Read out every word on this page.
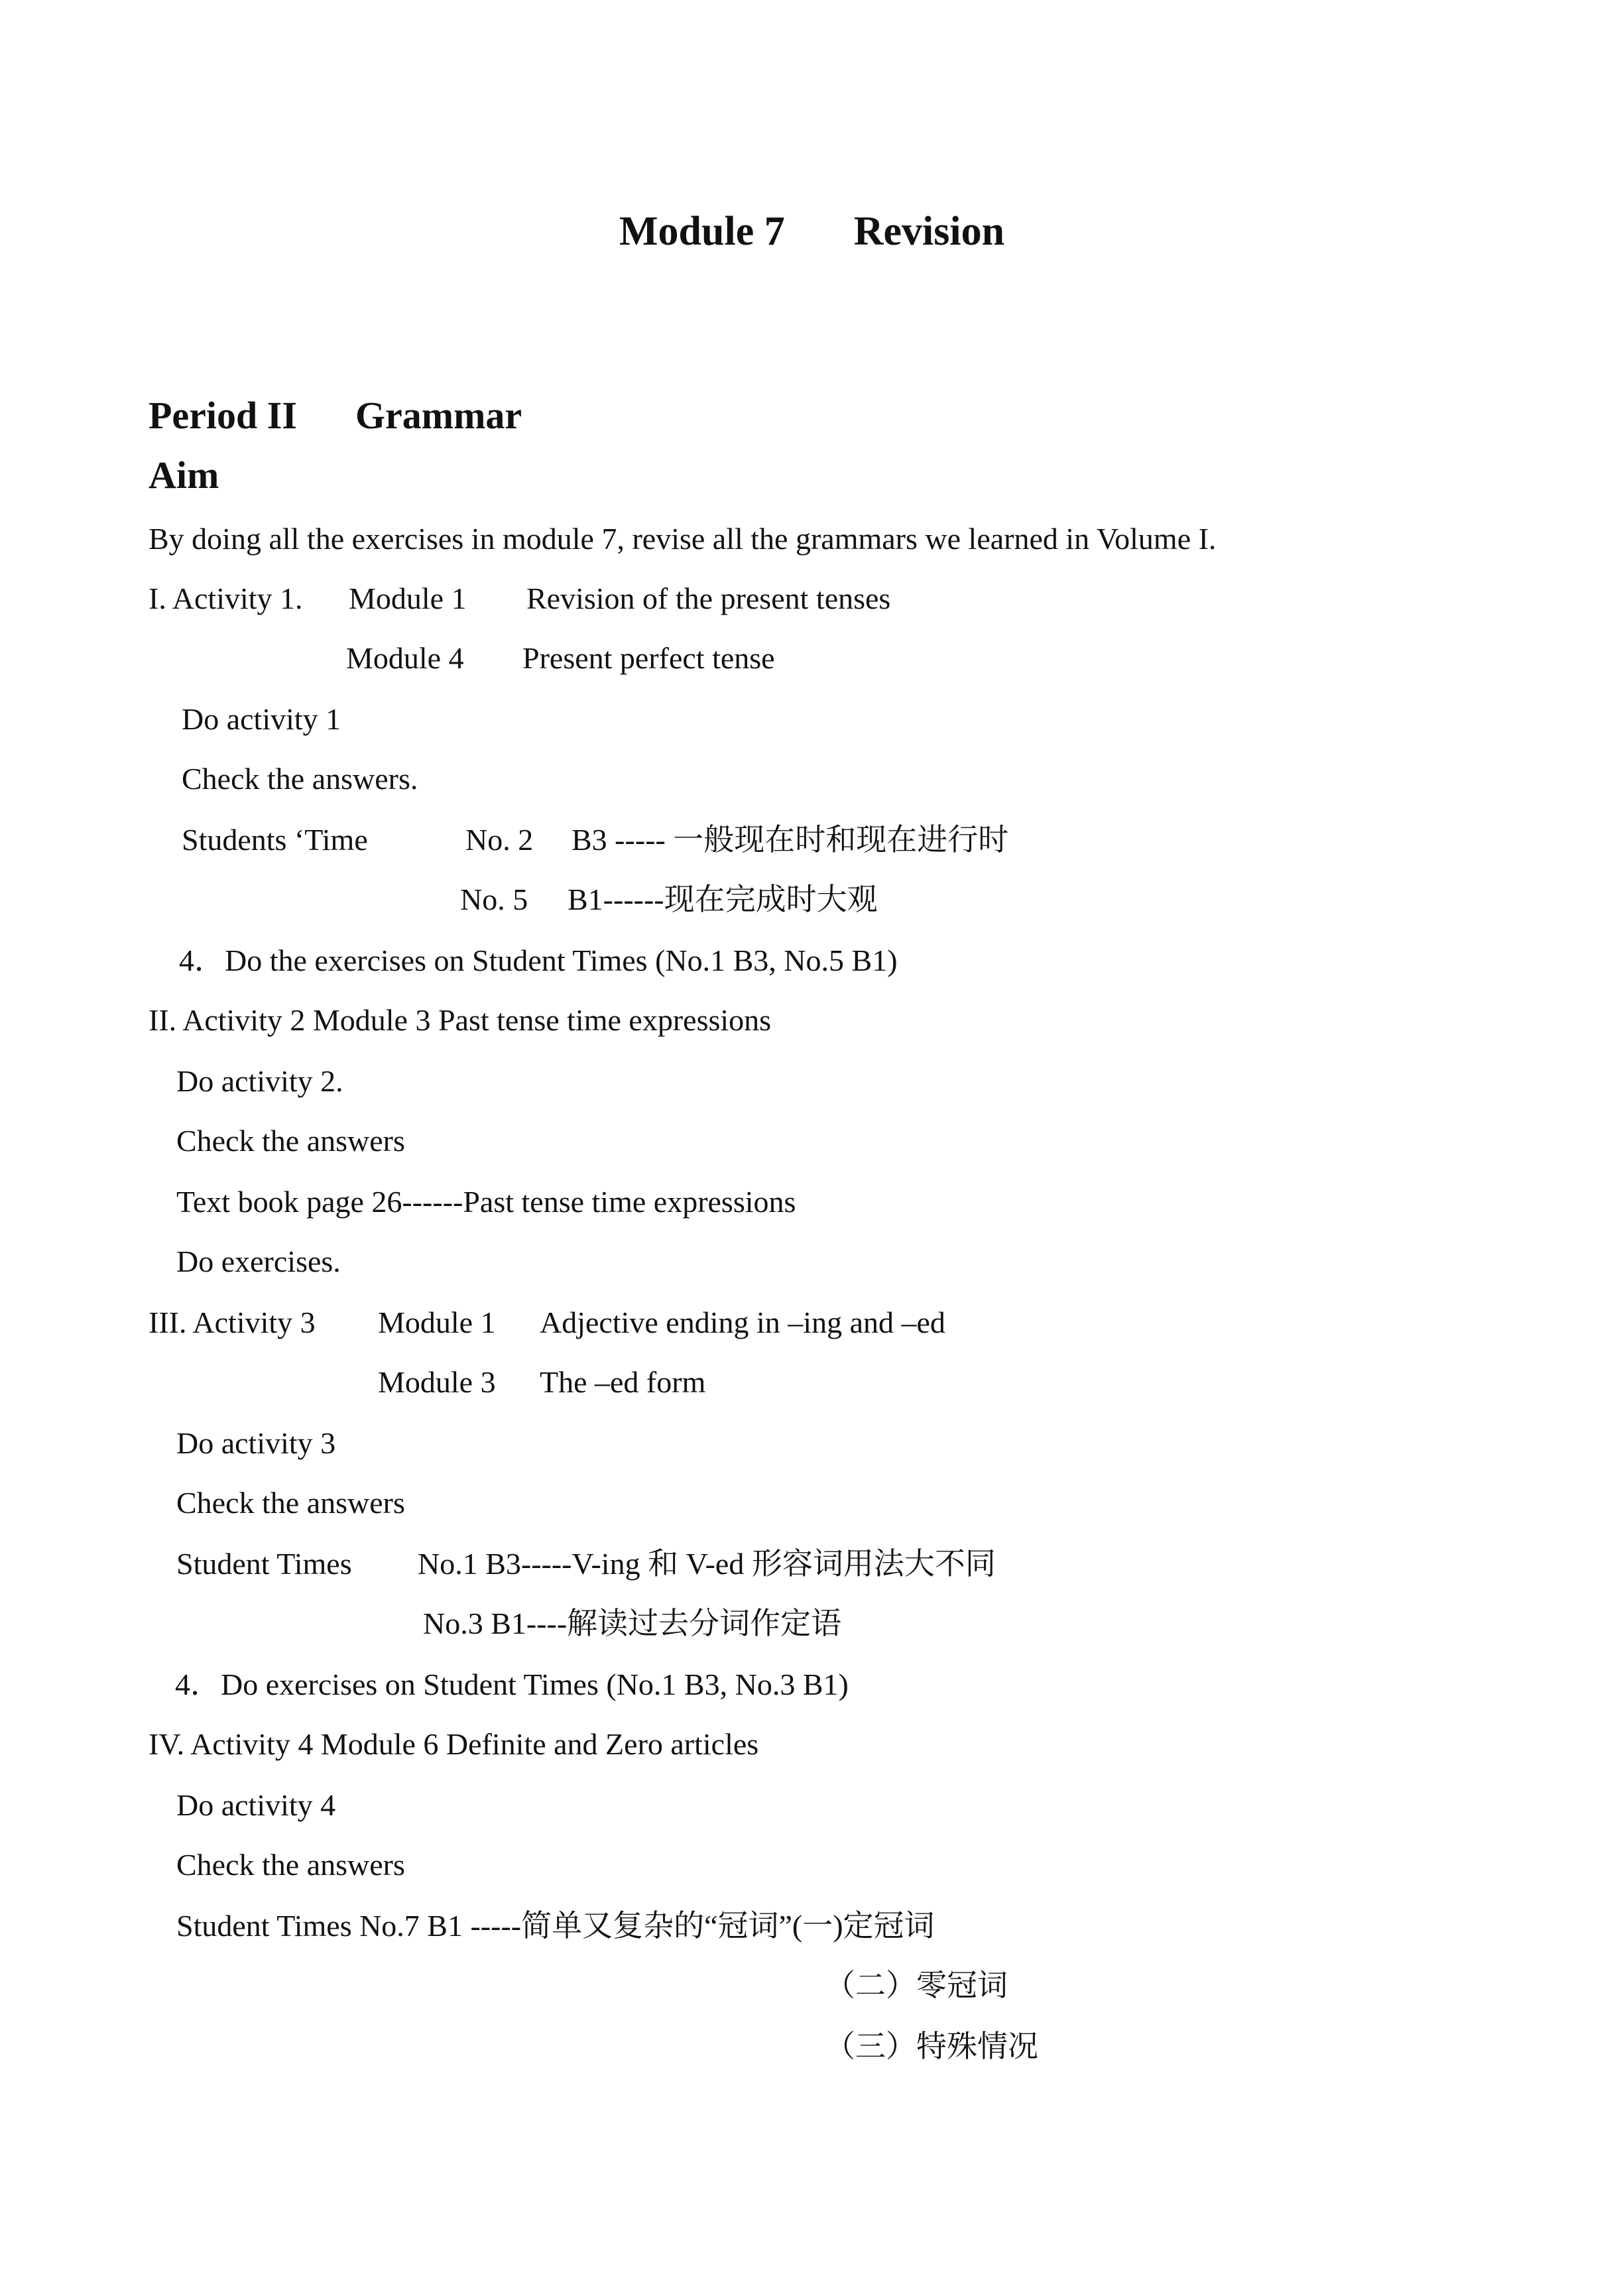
Module 7 Revision
Period II Grammar
Aim
By doing all the exercises in module 7, revise all the grammars we learned in Volume I.
I. Activity 1. Module 1 Revision of the present tenses
Module 4 Present perfect tense
Do activity 1
Check the answers.
Students ‘Time	No. 2 B3 ----- 一般现在时和现在进行时
No. 5 B1------现在完成时大观
4．Do the exercises on Student Times (No.1 B3, No.5 B1)
II. Activity 2 Module 3 Past tense time expressions
Do activity 2.
Check the answers
Text book page 26------Past tense time expressions
Do exercises.
III. Activity 3 Module 1 Adjective ending in –ing and –ed
Module 3 The –ed form
Do activity 3
Check the answers
Student Times No.1 B3-----V-ing 和 V-ed 形容词用法大不同
No.3 B1----解读过去分词作定语
4．Do exercises on Student Times (No.1 B3, No.3 B1)
IV. Activity 4 Module 6 Definite and Zero articles
Do activity 4
Check the answers
Student Times No.7 B1 -----简单又复杂的“冠词”(一)定冠词
（二）零冠词
（三）特殊情况
